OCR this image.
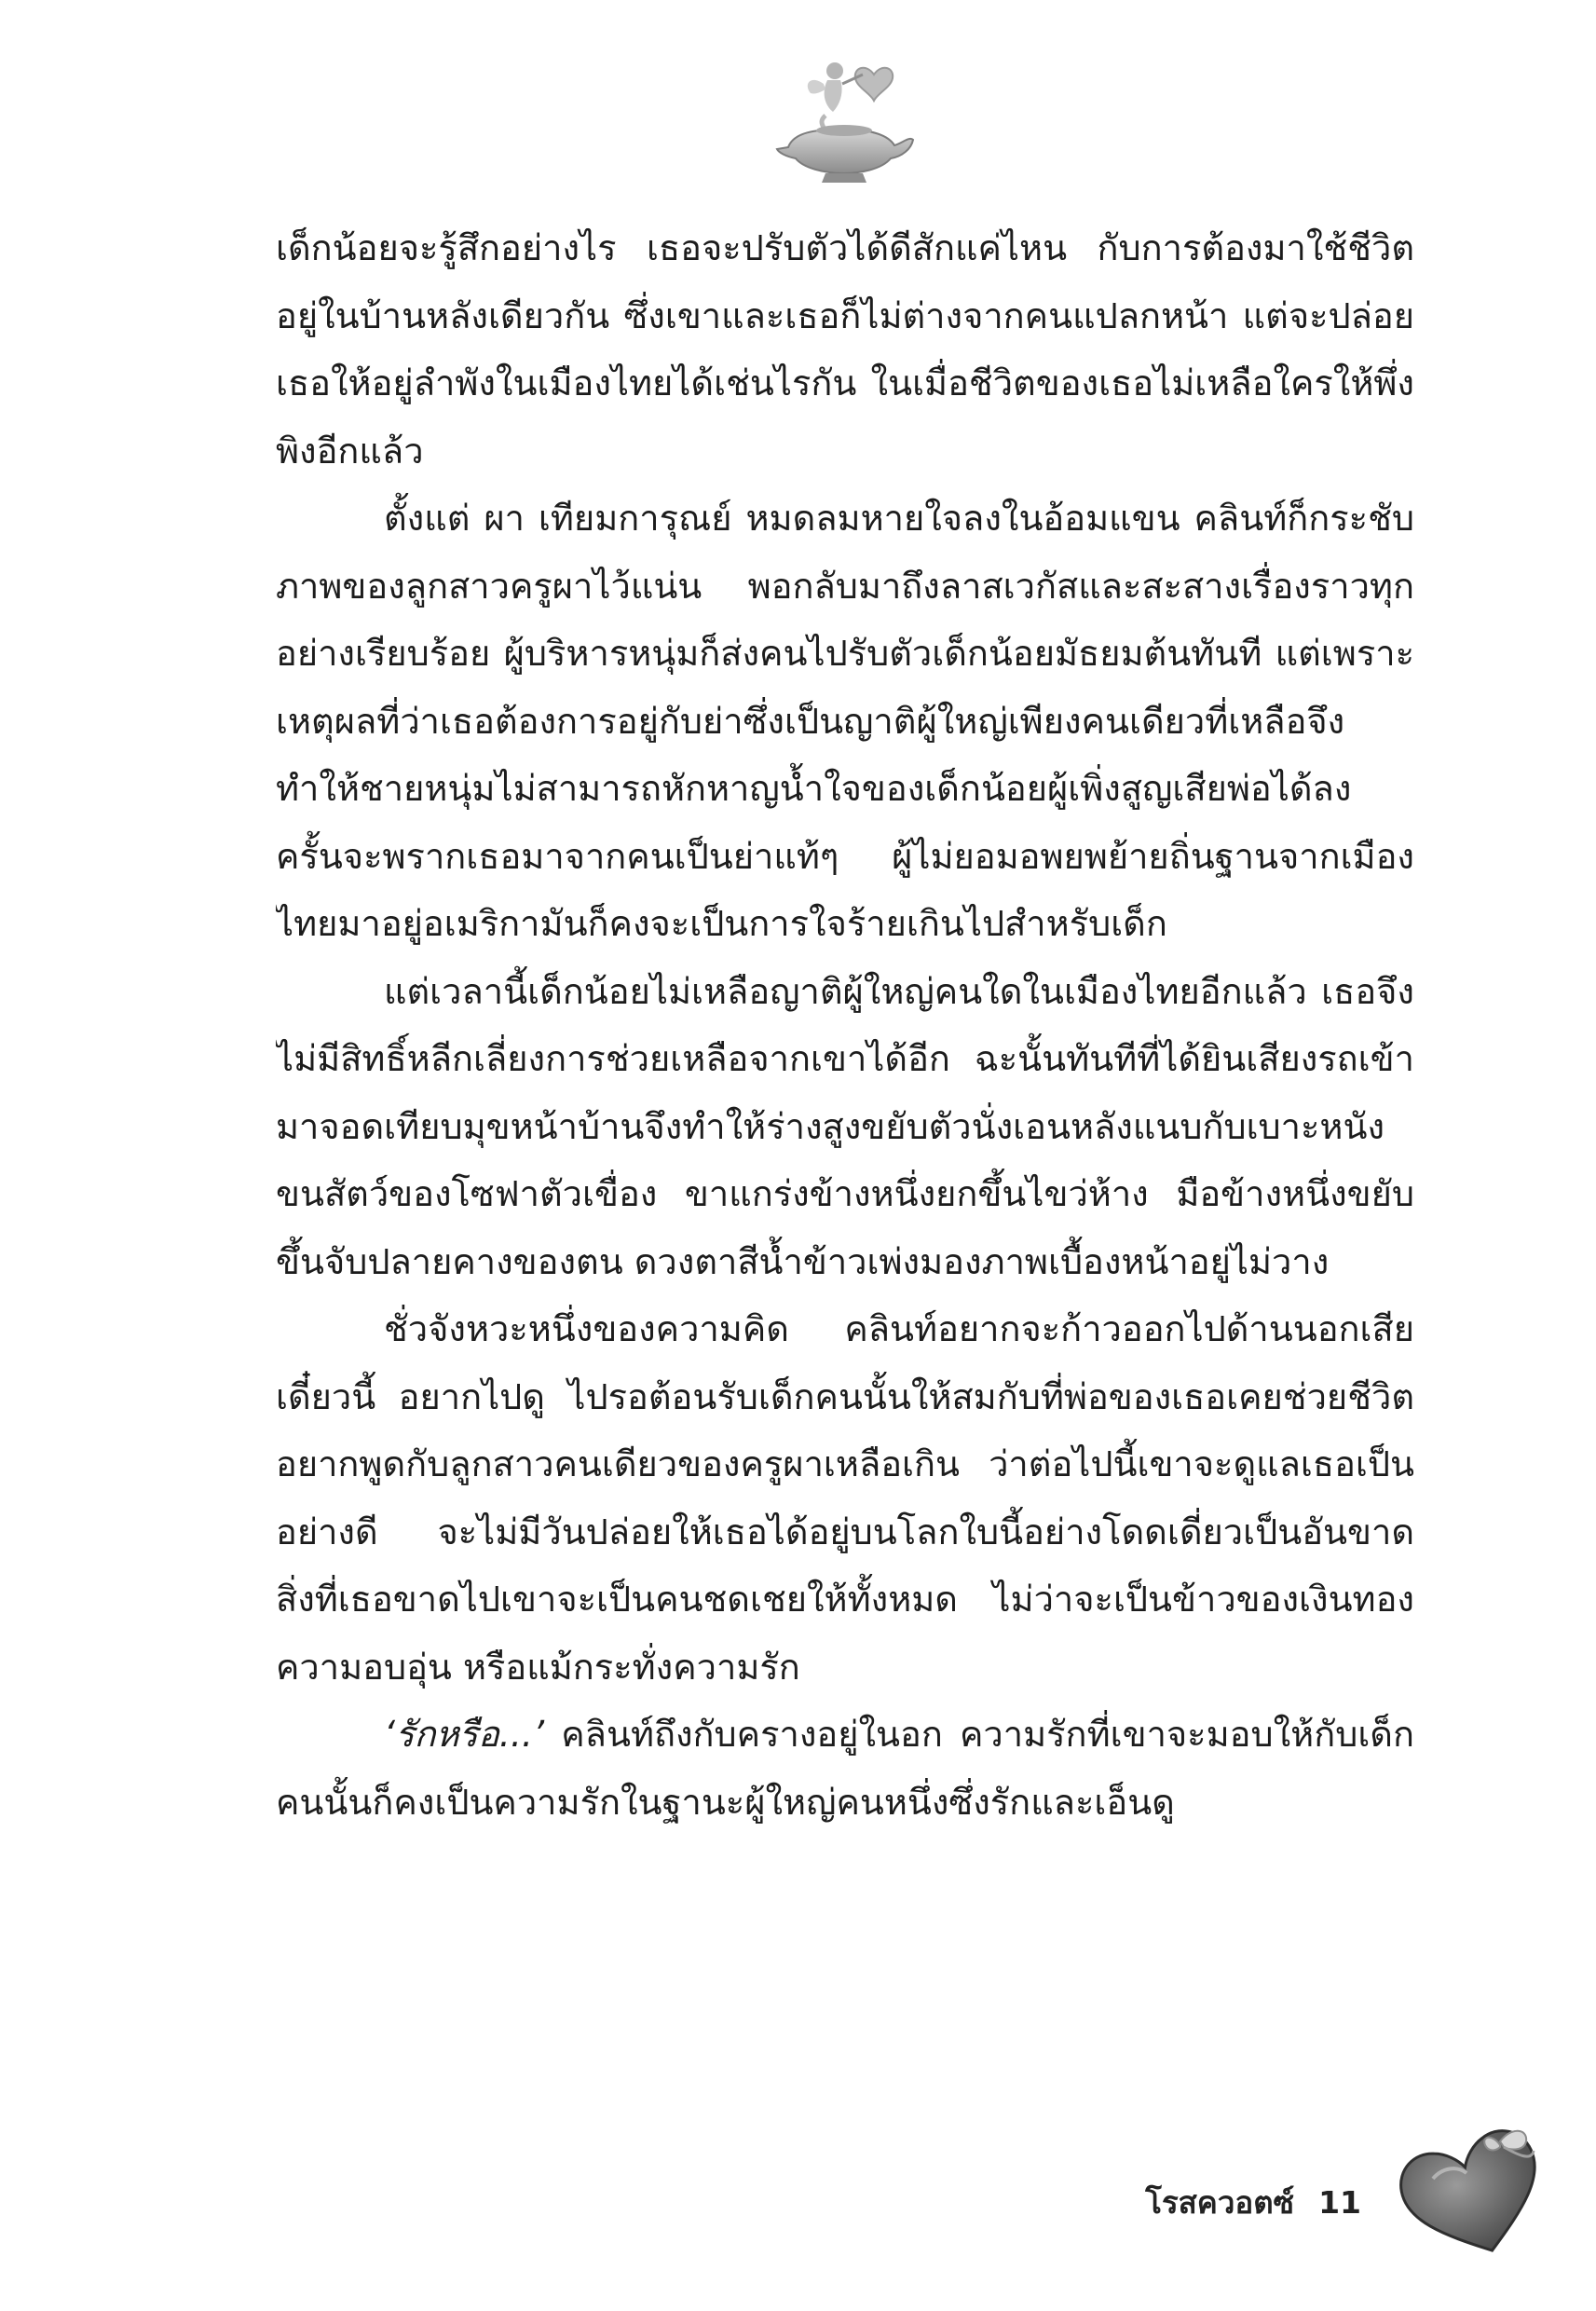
เด็กน้อยจะรู้สึกอย่างไร เธอจะปรับตัวได้ดีสักแค่ไหน กับการต้องมาใช้ชีวิตอยู่ในบ้านหลังเดียวกัน ซึ่งเขาและเธอก็ไม่ต่างจากคนแปลกหน้า แต่จะปล่อยเธอให้อยู่ลำพังในเมืองไทยได้เช่นไรกัน ในเมื่อชีวิตของเธอไม่เหลือใครให้พึ่งพิงอีกแล้ว

ตั้งแต่ ผา เทียมการุณย์ หมดลมหายใจลงในอ้อมแขน คลินท์ก็กระชับภาพของลูกสาวครูผาไว้แน่น พอกลับมาถึงลาสเวกัสและสะสางเรื่องราวทุกอย่างเรียบร้อย ผู้บริหารหนุ่มก็ส่งคนไปรับตัวเด็กน้อยมัธยมต้นทันที แต่เพราะเหตุผลที่ว่าเธอต้องการอยู่กับย่าซึ่งเป็นญาติผู้ใหญ่เพียงคนเดียวที่เหลือจึงทำให้ชายหนุ่มไม่สามารถหักหาญน้ำใจของเด็กน้อยผู้เพิ่งสูญเสียพ่อได้ลง ครั้นจะพรากเธอมาจากคนเป็นย่าแท้ๆ ผู้ไม่ยอมอพยพย้ายถิ่นฐานจากเมืองไทยมาอยู่อเมริกามันก็คงจะเป็นการใจร้ายเกินไปสำหรับเด็ก

แต่เวลานี้เด็กน้อยไม่เหลือญาติผู้ใหญ่คนใดในเมืองไทยอีกแล้ว เธอจึงไม่มีสิทธิ์หลีกเลี่ยงการช่วยเหลือจากเขาได้อีก ฉะนั้นทันทีที่ได้ยินเสียงรถเข้ามาจอดเทียบมุขหน้าบ้านจึงทำให้ร่างสูงขยับตัวนั่งเอนหลังแนบกับเบาะหนังขนสัตว์ของโซฟาตัวเขื่อง ขาแกร่งข้างหนึ่งยกขึ้นไขว่ห้าง มือข้างหนึ่งขยับขึ้นจับปลายคางของตน ดวงตาสีน้ำข้าวเพ่งมองภาพเบื้องหน้าอยู่ไม่วาง

ชั่วจังหวะหนึ่งของความคิด คลินท์อยากจะก้าวออกไปด้านนอกเสียเดี๋ยวนี้ อยากไปดู ไปรอต้อนรับเด็กคนนั้นให้สมกับที่พ่อของเธอเคยช่วยชีวิต อยากพูดกับลูกสาวคนเดียวของครูผาเหลือเกิน ว่าต่อไปนี้เขาจะดูแลเธอเป็นอย่างดี จะไม่มีวันปล่อยให้เธอได้อยู่บนโลกใบนี้อย่างโดดเดี่ยวเป็นอันขาด สิ่งที่เธอขาดไปเขาจะเป็นคนชดเชยให้ทั้งหมด ไม่ว่าจะเป็นข้าวของเงินทอง ความอบอุ่น หรือแม้กระทั่งความรัก

‘รักหรือ...’ คลินท์ถึงกับครางอยู่ในอก ความรักที่เขาจะมอบให้กับเด็กคนนั้นก็คงเป็นความรักในฐานะผู้ใหญ่คนหนึ่งซึ่งรักและเอ็นดู

โรสควอตซ์ 11
